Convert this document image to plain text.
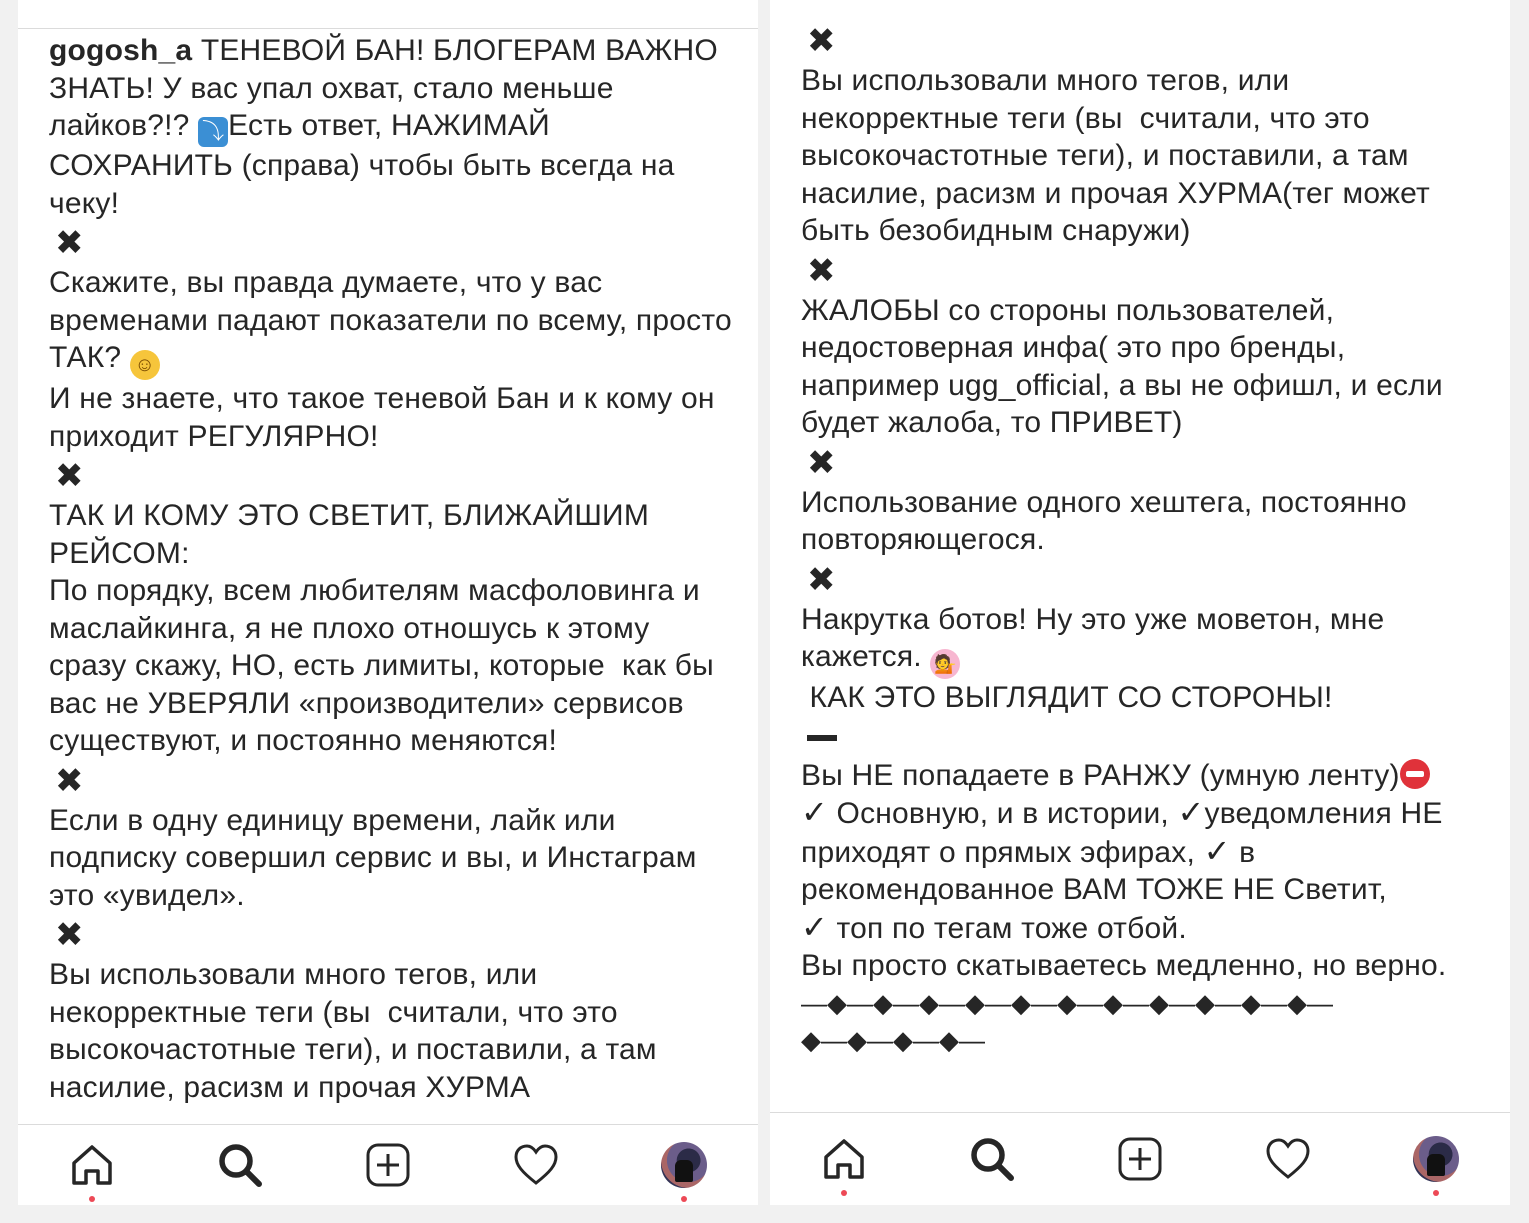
gogosh_a ТЕНЕВОЙ БАН! БЛОГЕРАМ ВАЖНО ЗНАТЬ! У вас упал охват, стало меньше лайков?!? ⤵ Есть ответ, НАЖИМАЙ СОХРАНИТЬ (справа) чтобы быть всегда на чеку!

✖

Скажите, вы правда думаете, что у вас временами падают показатели по всему, просто ТАК? ☺
И не знаете, что такое теневой Бан и к кому он приходит РЕГУЛЯРНО!

✖

ТАК И КОМУ ЭТО СВЕТИТ, БЛИЖАЙШИМ РЕЙСОМ:

По порядку, всем любителям масфоловинга и маслайкинга, я не плохо отношусь к этому сразу скажу, НО, есть лимиты, которые  как бы вас не УВЕРЯЛИ «производители» сервисов существуют, и постоянно меняются!

✖

Если в одну единицу времени, лайк или подписку совершил сервис и вы, и Инстаграм это «увидел».

✖

Вы использовали много тегов, или некорректные теги (вы  считали, что это высокочастотные теги), и поставили, а там насилие, расизм и прочая ХУРМА

✖

Вы использовали много тегов, или некорректные теги (вы  считали, что это высокочастотные теги), и поставили, а там насилие, расизм и прочая ХУРМА(тег может быть безобидным снаружи)

✖

ЖАЛОБЫ со стороны пользователей, недостоверная инфа( это про бренды, например ugg_official, а вы не офишл, и если будет жалоба, то ПРИВЕТ)

✖

Использование одного хештега, постоянно повторяющегося.

✖

Накрутка ботов! Ну это уже моветон, мне кажется. 💁

КАК ЭТО ВЫГЛЯДИТ СО СТОРОНЫ!

Вы НЕ попадаете в РАНЖУ (умную ленту)
✓ Основную, и в истории, ✓уведомления НЕ приходят о прямых эфирах, ✓ в рекомендованное ВАМ ТОЖЕ НЕ Светит,
✓ топ по тегам тоже отбой.

Вы просто скатываетесь медленно, но верно.

—◆—◆—◆—◆—◆—◆—◆—◆—◆—◆—◆—

◆—◆—◆—◆—
